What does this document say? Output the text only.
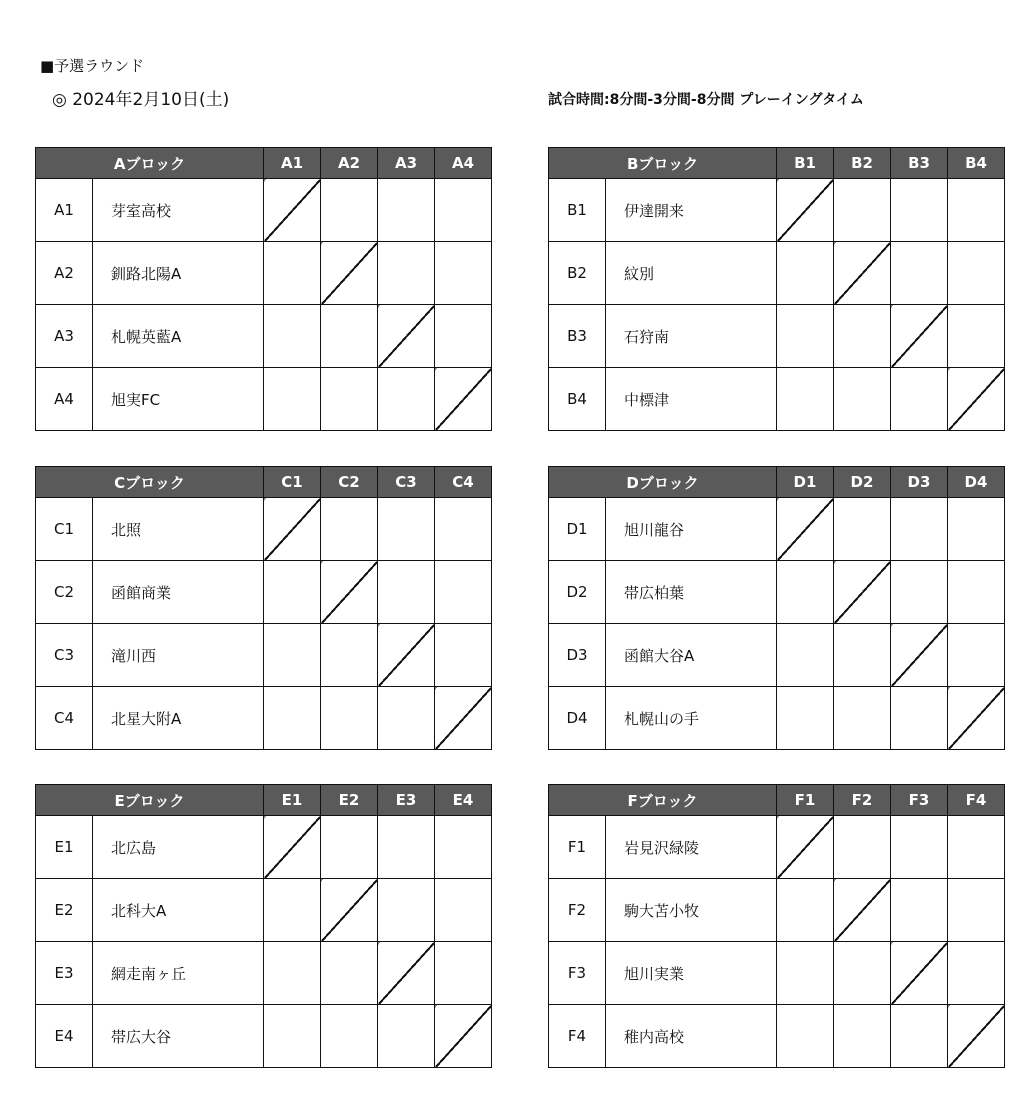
■予選ラウンド
◎ 2024年2月10日(土)	試合時間:8分間-3分間-8分間 プレーイングタイム
Aブロック		A1	A2	A3	A4
A1	芽室高校				
A2	釧路北陽A				
A3	札幌英藍A				
A4	旭実FC				
Bブロック		B1	B2	B3	B4
B1	伊達開来				
B2	紋別				
B3	石狩南				
B4	中標津				
Cブロック		C1	C2	C3	C4
C1	北照				
C2	函館商業				
C3	滝川西				
C4	北星大附A				
Dブロック		D1	D2	D3	D4
D1	旭川龍谷				
D2	帯広柏葉				
D3	函館大谷A				
D4	札幌山の手				
Eブロック		E1	E2	E3	E4
E1	北広島				
E2	北科大A				
E3	網走南ヶ丘				
E4	帯広大谷				
Fブロック		F1	F2	F3	F4
F1	岩見沢緑陵				
F2	駒大苫小牧				
F3	旭川実業				
F4	稚内高校				
